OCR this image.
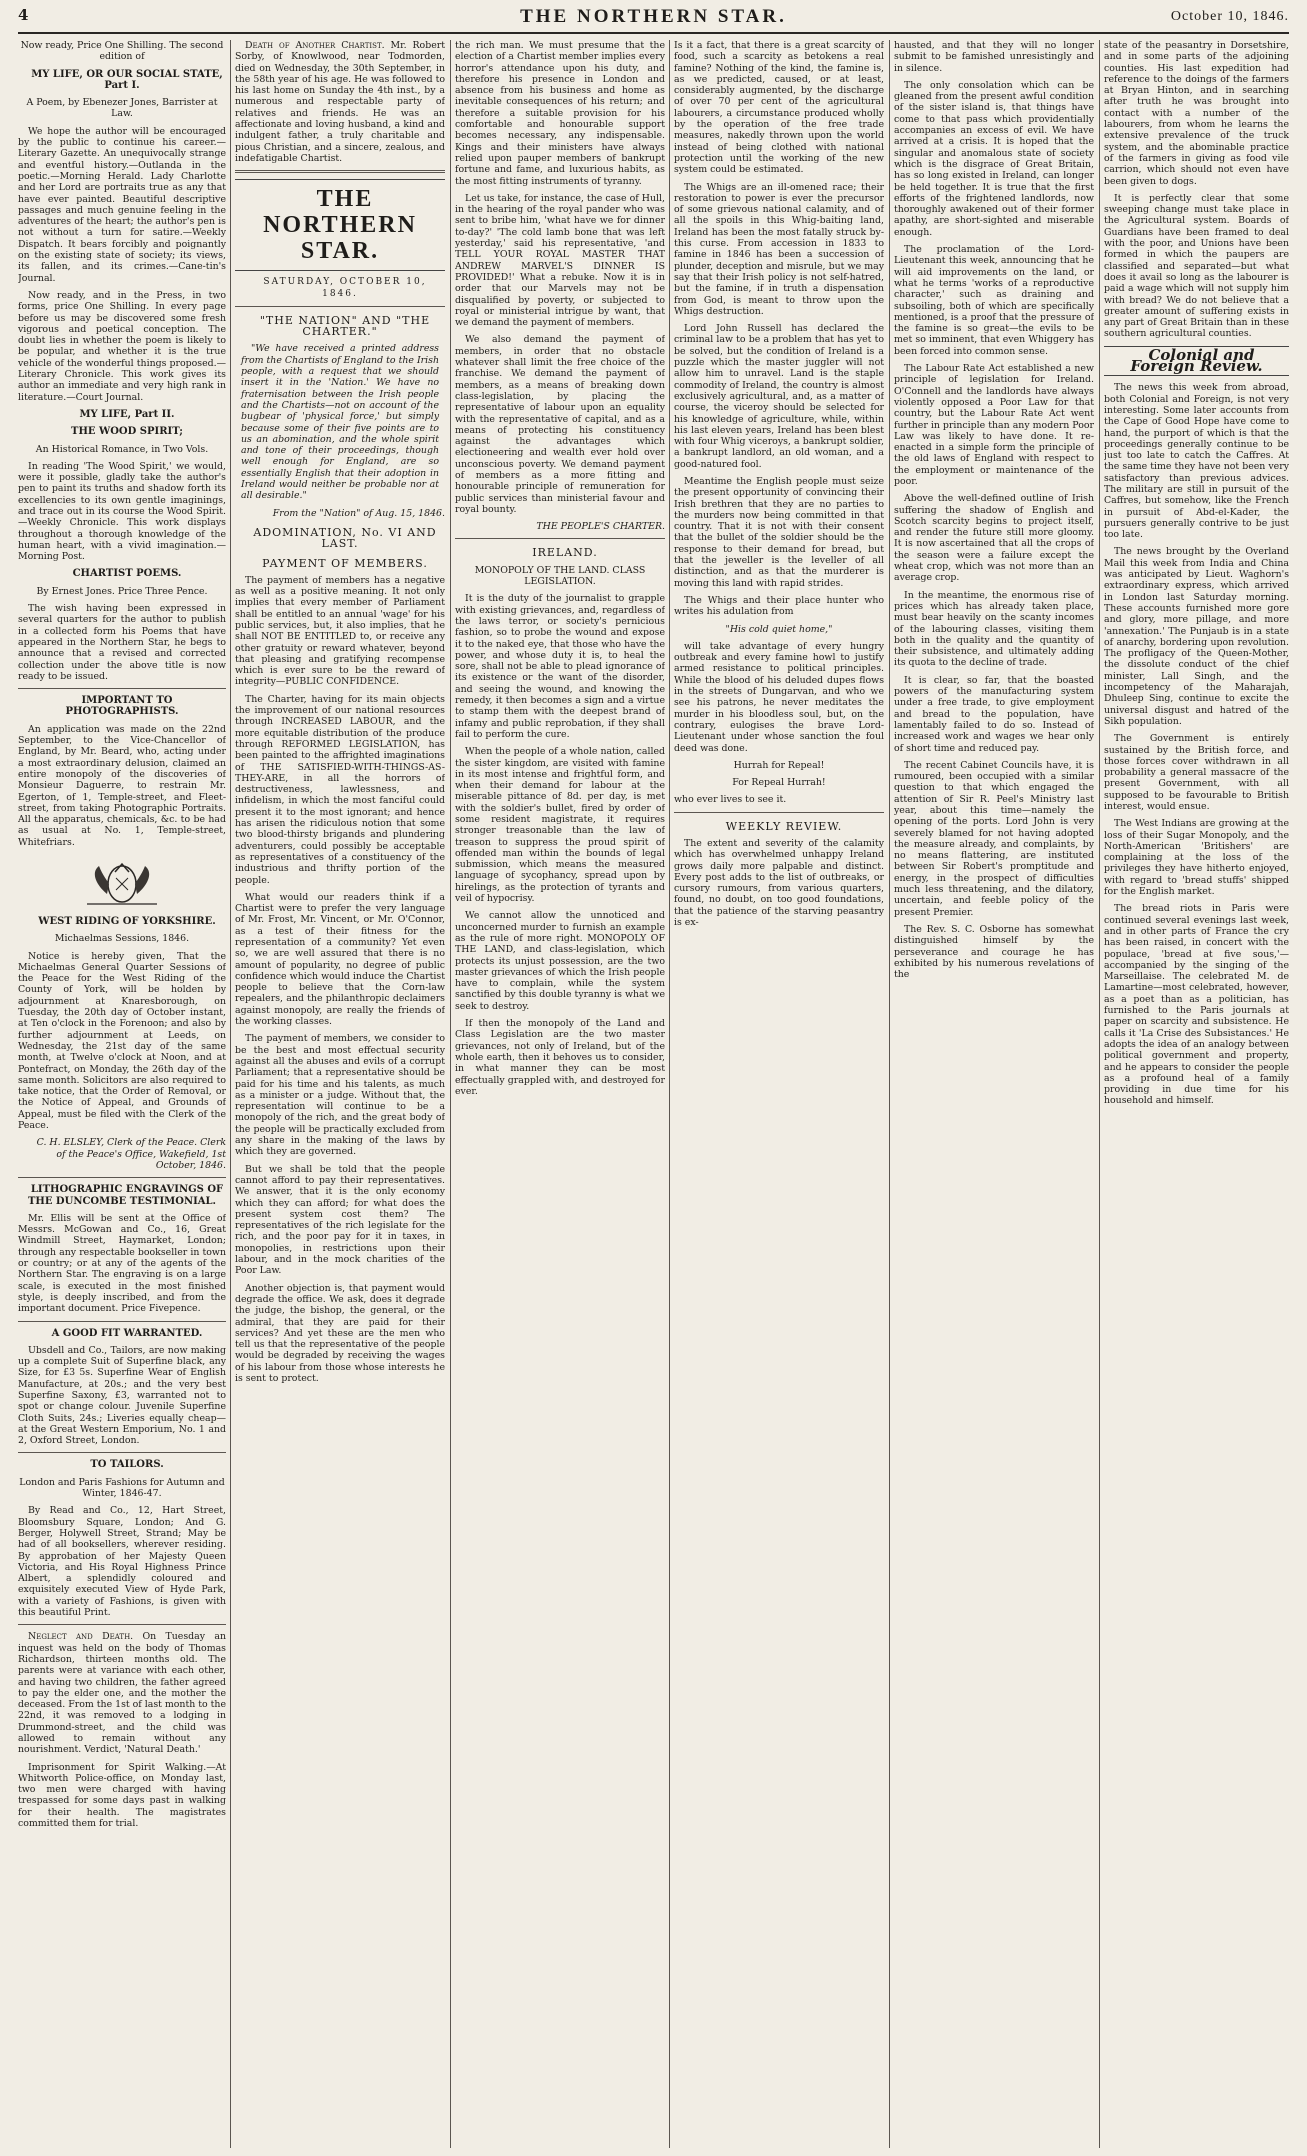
4	THE NORTHERN STAR.	October 10, 1846.

Now ready, Price One Shilling. The second edition of

MY LIFE, OR OUR SOCIAL STATE, Part I.

A Poem, by Ebenezer Jones, Barrister at Law.

We hope the author will be encouraged by the public to continue his career.—Literary Gazette. An unequivocally strange and eventful history.—Outlanda in the poetic.—Morning Herald. Lady Charlotte and her Lord are portraits true as any that have ever painted. Beautiful descriptive passages and much genuine feeling in the adventures of the heart; the author's pen is not without a turn for satire.—Weekly Dispatch. It bears forcibly and poignantly on the existing state of society; its views, its fallen, and its crimes.—Cane-tin's Journal.

Now ready, and in the Press, in two forms, price One Shilling. In every page before us may be discovered some fresh vigorous and poetical conception. The doubt lies in whether the poem is likely to be popular, and whether it is the true vehicle of the wonderful things proposed.—Literary Chronicle. This work gives its author an immediate and very high rank in literature.—Court Journal.

MY LIFE, Part II.

THE WOOD SPIRIT;

An Historical Romance, in Two Vols.

In reading 'The Wood Spirit,' we would, were it possible, gladly take the author's pen to paint its truths and shadow forth its excellencies to its own gentle imaginings, and trace out in its course the Wood Spirit.—Weekly Chronicle. This work displays throughout a thorough knowledge of the human heart, with a vivid imagination.—Morning Post.

CHARTIST POEMS.

By Ernest Jones. Price Three Pence.

The wish having been expressed in several quarters for the author to publish in a collected form his Poems that have appeared in the Northern Star, he begs to announce that a revised and corrected collection under the above title is now ready to be issued.

IMPORTANT TO PHOTOGRAPHISTS.

An application was made on the 22nd September, to the Vice-Chancellor of England, by Mr. Beard, who, acting under a most extraordinary delusion, claimed an entire monopoly of the discoveries of Monsieur Daguerre, to restrain Mr. Egerton, of 1, Temple-street, and Fleet-street, from taking Photographic Portraits. All the apparatus, chemicals, &c. to be had as usual at No. 1, Temple-street, Whitefriars.

WEST RIDING OF YORKSHIRE.

Michaelmas Sessions, 1846.

Notice is hereby given, That the Michaelmas General Quarter Sessions of the Peace for the West Riding of the County of York, will be holden by adjournment at Knaresborough, on Tuesday, the 20th day of October instant, at Ten o'clock in the Forenoon; and also by further adjournment at Leeds, on Wednesday, the 21st day of the same month, at Twelve o'clock at Noon, and at Pontefract, on Monday, the 26th day of the same month. Solicitors are also required to take notice, that the Order of Removal, or the Notice of Appeal, and Grounds of Appeal, must be filed with the Clerk of the Peace.

C. H. ELSLEY, Clerk of the Peace. Clerk of the Peace's Office, Wakefield, 1st October, 1846.

LITHOGRAPHIC ENGRAVINGS OF THE DUNCOMBE TESTIMONIAL.

Mr. Ellis will be sent at the Office of Messrs. McGowan and Co., 16, Great Windmill Street, Haymarket, London; through any respectable bookseller in town or country; or at any of the agents of the Northern Star. The engraving is on a large scale, is executed in the most finished style, is deeply inscribed, and from the important document. Price Fivepence.

A GOOD FIT WARRANTED.

Ubsdell and Co., Tailors, are now making up a complete Suit of Superfine black, any Size, for £3 5s. Superfine Wear of English Manufacture, at 20s.; and the very best Superfine Saxony, £3, warranted not to spot or change colour. Juvenile Superfine Cloth Suits, 24s.; Liveries equally cheap—at the Great Western Emporium, No. 1 and 2, Oxford Street, London.

TO TAILORS.

London and Paris Fashions for Autumn and Winter, 1846-47.

By Read and Co., 12, Hart Street, Bloomsbury Square, London; And G. Berger, Holywell Street, Strand; May be had of all booksellers, wherever residing. By approbation of her Majesty Queen Victoria, and His Royal Highness Prince Albert, a splendidly coloured and exquisitely executed View of Hyde Park, with a variety of Fashions, is given with this beautiful Print.

Neglect and Death. On Tuesday an inquest was held on the body of Thomas Richardson, thirteen months old. The parents were at variance with each other, and having two children, the father agreed to pay the elder one, and the mother the deceased. From the 1st of last month to the 22nd, it was removed to a lodging in Drummond-street, and the child was allowed to remain without any nourishment. Verdict, 'Natural Death.'

Imprisonment for Spirit Walking.—At Whitworth Police-office, on Monday last, two men were charged with having trespassed for some days past in walking for their health. The magistrates committed them for trial.

Death of Another Chartist. Mr. Robert Sorby, of Knowlwood, near Todmorden, died on Wednesday, the 30th September, in the 58th year of his age. He was followed to his last home on Sunday the 4th inst., by a numerous and respectable party of relatives and friends. He was an affectionate and loving husband, a kind and indulgent father, a truly charitable and pious Christian, and a sincere, zealous, and indefatigable Chartist.

THE NORTHERN STAR.

SATURDAY, OCTOBER 10, 1846.

"THE NATION" AND "THE CHARTER."

"We have received a printed address from the Chartists of England to the Irish people, with a request that we should insert it in the 'Nation.' We have no fraternisation between the Irish people and the Chartists—not on account of the bugbear of 'physical force,' but simply because some of their five points are to us an abomination, and the whole spirit and tone of their proceedings, though well enough for England, are so essentially English that their adoption in Ireland would neither be probable nor at all desirable."

From the "Nation" of Aug. 15, 1846.

ADOMINATION, No. VI AND LAST.

PAYMENT OF MEMBERS.

The payment of members has a negative as well as a positive meaning. It not only implies that every member of Parliament shall be entitled to an annual 'wage' for his public services, but, it also implies, that he shall NOT BE ENTITLED to, or receive any other gratuity or reward whatever, beyond that pleasing and gratifying recompense which is ever sure to be the reward of integrity—PUBLIC CONFIDENCE.

The Charter, having for its main objects the improvement of our national resources through INCREASED LABOUR, and the more equitable distribution of the produce through REFORMED LEGISLATION, has been painted to the affrighted imaginations of THE SATISFIED-WITH-THINGS-AS-THEY-ARE, in all the horrors of destructiveness, lawlessness, and infidelism, in which the most fanciful could present it to the most ignorant; and hence has arisen the ridiculous notion that some two blood-thirsty brigands and plundering adventurers, could possibly be acceptable as representatives of a constituency of the industrious and thrifty portion of the people.

What would our readers think if a Chartist were to prefer the very language of Mr. Frost, Mr. Vincent, or Mr. O'Connor, as a test of their fitness for the representation of a community? Yet even so, we are well assured that there is no amount of popularity, no degree of public confidence which would induce the Chartist people to believe that the Corn-law repealers, and the philanthropic declaimers against monopoly, are really the friends of the working classes.

The payment of members, we consider to be the best and most effectual security against all the abuses and evils of a corrupt Parliament; that a representative should be paid for his time and his talents, as much as a minister or a judge. Without that, the representation will continue to be a monopoly of the rich, and the great body of the people will be practically excluded from any share in the making of the laws by which they are governed.

But we shall be told that the people cannot afford to pay their representatives. We answer, that it is the only economy which they can afford; for what does the present system cost them? The representatives of the rich legislate for the rich, and the poor pay for it in taxes, in monopolies, in restrictions upon their labour, and in the mock charities of the Poor Law.

Another objection is, that payment would degrade the office. We ask, does it degrade the judge, the bishop, the general, or the admiral, that they are paid for their services? And yet these are the men who tell us that the representative of the people would be degraded by receiving the wages of his labour from those whose interests he is sent to protect.

the rich man. We must presume that the election of a Chartist member implies every horror's attendance upon his duty, and therefore his presence in London and absence from his business and home as inevitable consequences of his return; and therefore a suitable provision for his comfortable and honourable support becomes necessary, any indispensable. Kings and their ministers have always relied upon pauper members of bankrupt fortune and fame, and luxurious habits, as the most fitting instruments of tyranny.

Let us take, for instance, the case of Hull, in the hearing of the royal pander who was sent to bribe him, 'what have we for dinner to-day?' 'The cold lamb bone that was left yesterday,' said his representative, 'and TELL YOUR ROYAL MASTER THAT ANDREW MARVEL'S DINNER IS PROVIDED!' What a rebuke. Now it is in order that our Marvels may not be disqualified by poverty, or subjected to royal or ministerial intrigue by want, that we demand the payment of members.

We also demand the payment of members, in order that no obstacle whatever shall limit the free choice of the franchise. We demand the payment of members, as a means of breaking down class-legislation, by placing the representative of labour upon an equality with the representative of capital, and as a means of protecting his constituency against the advantages which electioneering and wealth ever hold over unconscious poverty. We demand payment of members as a more fitting and honourable principle of remuneration for public services than ministerial favour and royal bounty.

THE PEOPLE'S CHARTER.

IRELAND.

MONOPOLY OF THE LAND. CLASS LEGISLATION.

It is the duty of the journalist to grapple with existing grievances, and, regardless of the laws terror, or society's pernicious fashion, so to probe the wound and expose it to the naked eye, that those who have the power, and whose duty it is, to heal the sore, shall not be able to plead ignorance of its existence or the want of the disorder, and seeing the wound, and knowing the remedy, it then becomes a sign and a virtue to stamp them with the deepest brand of infamy and public reprobation, if they shall fail to perform the cure.

When the people of a whole nation, called the sister kingdom, are visited with famine in its most intense and frightful form, and when their demand for labour at the miserable pittance of 8d. per day, is met with the soldier's bullet, fired by order of some resident magistrate, it requires stronger treasonable than the law of treason to suppress the proud spirit of offended man within the bounds of legal submission, which means the measured language of sycophancy, spread upon by hirelings, as the protection of tyrants and veil of hypocrisy.

We cannot allow the unnoticed and unconcerned murder to furnish an example as the rule of more right. MONOPOLY OF THE LAND, and class-legislation, which protects its unjust possession, are the two master grievances of which the Irish people have to complain, while the system sanctified by this double tyranny is what we seek to destroy.

If then the monopoly of the Land and Class Legislation are the two master grievances, not only of Ireland, but of the whole earth, then it behoves us to consider, in what manner they can be most effectually grappled with, and destroyed for ever.

Is it a fact, that there is a great scarcity of food, such a scarcity as betokens a real famine? Nothing of the kind, the famine is, as we predicted, caused, or at least, considerably augmented, by the discharge of over 70 per cent of the agricultural labourers, a circumstance produced wholly by the operation of the free trade measures, nakedly thrown upon the world instead of being clothed with national protection until the working of the new system could be estimated.

The Whigs are an ill-omened race; their restoration to power is ever the precursor of some grievous national calamity, and of all the spoils in this Whig-baiting land, Ireland has been the most fatally struck by-this curse. From accession in 1833 to famine in 1846 has been a succession of plunder, deception and misrule, but we may say that their Irish policy is not self-hatred, but the famine, if in truth a dispensation from God, is meant to throw upon the Whigs destruction.

Lord John Russell has declared the criminal law to be a problem that has yet to be solved, but the condition of Ireland is a puzzle which the master juggler will not allow him to unravel. Land is the staple commodity of Ireland, the country is almost exclusively agricultural, and, as a matter of course, the viceroy should be selected for his knowledge of agriculture, while, within his last eleven years, Ireland has been blest with four Whig viceroys, a bankrupt soldier, a bankrupt landlord, an old woman, and a good-natured fool.

Meantime the English people must seize the present opportunity of convincing their Irish brethren that they are no parties to the murders now being committed in that country. That it is not with their consent that the bullet of the soldier should be the response to their demand for bread, but that the jeweller is the leveller of all distinction, and as that the murderer is moving this land with rapid strides.

The Whigs and their place hunter who writes his adulation from

"His cold quiet home,"

will take advantage of every hungry outbreak and every famine howl to justify armed resistance to political principles. While the blood of his deluded dupes flows in the streets of Dungarvan, and who we see his patrons, he never meditates the murder in his bloodless soul, but, on the contrary, eulogises the brave Lord-Lieutenant under whose sanction the foul deed was done.

Hurrah for Repeal!

For Repeal Hurrah!

who ever lives to see it.

WEEKLY REVIEW.

The extent and severity of the calamity which has overwhelmed unhappy Ireland grows daily more palpable and distinct. Every post adds to the list of outbreaks, or cursory rumours, from various quarters, found, no doubt, on too good foundations, that the patience of the starving peasantry is ex-

hausted, and that they will no longer submit to be famished unresistingly and in silence.

The only consolation which can be gleaned from the present awful condition of the sister island is, that things have come to that pass which providentially accompanies an excess of evil. We have arrived at a crisis. It is hoped that the singular and anomalous state of society which is the disgrace of Great Britain, has so long existed in Ireland, can longer be held together. It is true that the first efforts of the frightened landlords, now thoroughly awakened out of their former apathy, are short-sighted and miserable enough.

The proclamation of the Lord-Lieutenant this week, announcing that he will aid improvements on the land, or what he terms 'works of a reproductive character,' such as draining and subsoiling, both of which are specifically mentioned, is a proof that the pressure of the famine is so great—the evils to be met so imminent, that even Whiggery has been forced into common sense.

The Labour Rate Act established a new principle of legislation for Ireland. O'Connell and the landlords have always violently opposed a Poor Law for that country, but the Labour Rate Act went further in principle than any modern Poor Law was likely to have done. It re-enacted in a simple form the principle of the old laws of England with respect to the employment or maintenance of the poor.

Above the well-defined outline of Irish suffering the shadow of English and Scotch scarcity begins to project itself, and render the future still more gloomy. It is now ascertained that all the crops of the season were a failure except the wheat crop, which was not more than an average crop.

In the meantime, the enormous rise of prices which has already taken place, must bear heavily on the scanty incomes of the labouring classes, visiting them both in the quality and the quantity of their subsistence, and ultimately adding its quota to the decline of trade.

It is clear, so far, that the boasted powers of the manufacturing system under a free trade, to give employment and bread to the population, have lamentably failed to do so. Instead of increased work and wages we hear only of short time and reduced pay.

The recent Cabinet Councils have, it is rumoured, been occupied with a similar question to that which engaged the attention of Sir R. Peel's Ministry last year, about this time—namely the opening of the ports. Lord John is very severely blamed for not having adopted the measure already, and complaints, by no means flattering, are instituted between Sir Robert's promptitude and energy, in the prospect of difficulties much less threatening, and the dilatory, uncertain, and feeble policy of the present Premier.

The Rev. S. C. Osborne has somewhat distinguished himself by the perseverance and courage he has exhibited by his numerous revelations of the

state of the peasantry in Dorsetshire, and in some parts of the adjoining counties. His last expedition had reference to the doings of the farmers at Bryan Hinton, and in searching after truth he was brought into contact with a number of the labourers, from whom he learns the extensive prevalence of the truck system, and the abominable practice of the farmers in giving as food vile carrion, which should not even have been given to dogs.

It is perfectly clear that some sweeping change must take place in the Agricultural system. Boards of Guardians have been framed to deal with the poor, and Unions have been formed in which the paupers are classified and separated—but what does it avail so long as the labourer is paid a wage which will not supply him with bread? We do not believe that a greater amount of suffering exists in any part of Great Britain than in these southern agricultural counties.

Colonial and Foreign Review.

The news this week from abroad, both Colonial and Foreign, is not very interesting. Some later accounts from the Cape of Good Hope have come to hand, the purport of which is that the proceedings generally continue to be just too late to catch the Caffres. At the same time they have not been very satisfactory than previous advices. The military are still in pursuit of the Caffres, but somehow, like the French in pursuit of Abd-el-Kader, the pursuers generally contrive to be just too late.

The news brought by the Overland Mail this week from India and China was anticipated by Lieut. Waghorn's extraordinary express, which arrived in London last Saturday morning. These accounts furnished more gore and glory, more pillage, and more 'annexation.' The Punjaub is in a state of anarchy, bordering upon revolution. The profligacy of the Queen-Mother, the dissolute conduct of the chief minister, Lall Singh, and the incompetency of the Maharajah, Dhuleep Sing, continue to excite the universal disgust and hatred of the Sikh population.

The Government is entirely sustained by the British force, and those forces cover withdrawn in all probability a general massacre of the present Government, with all supposed to be favourable to British interest, would ensue.

The West Indians are growing at the loss of their Sugar Monopoly, and the North-American 'Britishers' are complaining at the loss of the privileges they have hitherto enjoyed, with regard to 'bread stuffs' shipped for the English market.

The bread riots in Paris were continued several evenings last week, and in other parts of France the cry has been raised, in concert with the populace, 'bread at five sous,'—accompanied by the singing of the Marseillaise. The celebrated M. de Lamartine—most celebrated, however, as a poet than as a politician, has furnished to the Paris journals at paper on scarcity and subsistence. He calls it 'La Crise des Subsistances.' He adopts the idea of an analogy between political government and property, and he appears to consider the people as a profound heal of a family providing in due time for his household and himself.
